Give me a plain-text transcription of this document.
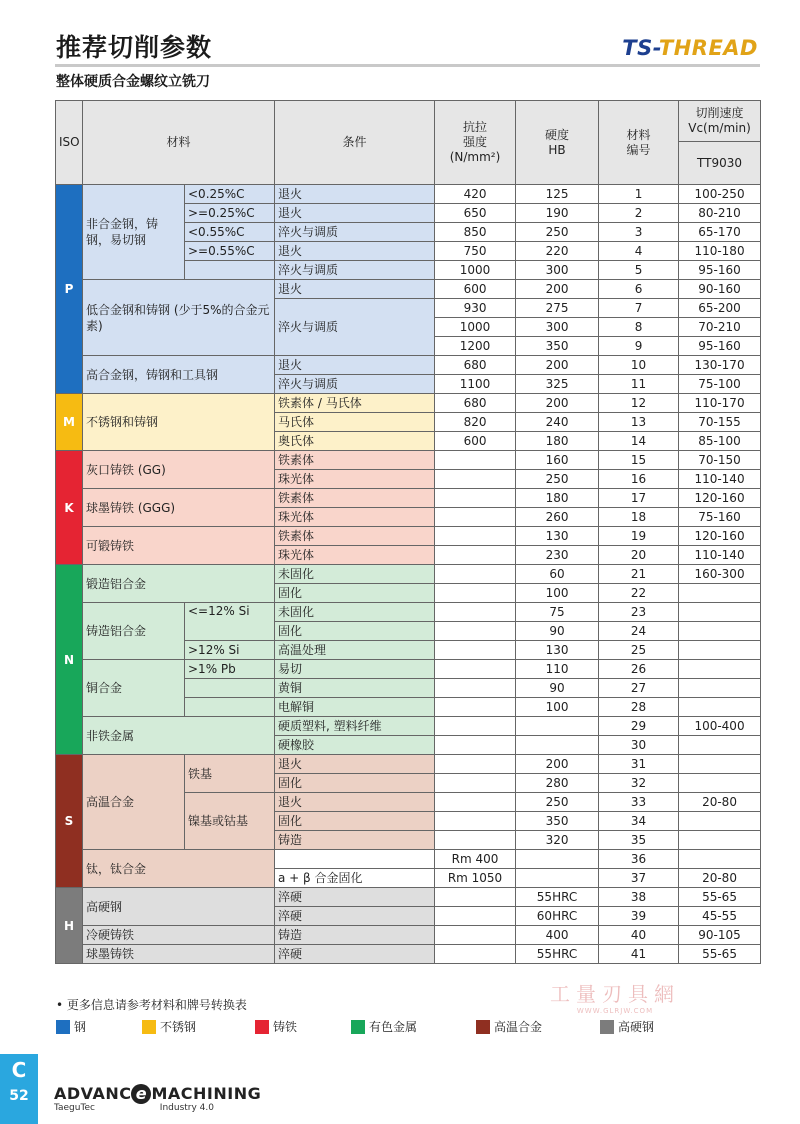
推荐切削参数	TS-THREAD
整体硬质合金螺纹立铣刀
ISO	材料		条件	抗拉
强度
(N/mm²)	硬度
HB	材料
编号	切削速度
Vc(m/min)
							TT9030
P	非合金钢，铸钢，易切钢	<0.25%C	退火	420	125	1	100-250
		>=0.25%C	退火	650	190	2	80-210
		<0.55%C	淬火与调质	850	250	3	65-170
		>=0.55%C	退火	750	220	4	110-180
			淬火与调质	1000	300	5	95-160
	低合金钢和铸钢 (少于5%的合金元素)		退火	600	200	6	90-160
			淬火与调质	930	275	7	65-200
				1000	300	8	70-210
				1200	350	9	95-160
	高合金钢，铸钢和工具钢		退火	680	200	10	130-170
			淬火与调质	1100	325	11	75-100
M	不锈钢和铸钢		铁素体 / 马氏体	680	200	12	110-170
			马氏体	820	240	13	70-155
			奥氏体	600	180	14	85-100
K	灰口铸铁 (GG)		铁素体		160	15	70-150
			珠光体		250	16	110-140
	球墨铸铁 (GGG)		铁素体		180	17	120-160
			珠光体		260	18	75-160
	可锻铸铁		铁素体		130	19	120-160
			珠光体		230	20	110-140
N	锻造铝合金		未固化		60	21	160-300
			固化		100	22	
	铸造铝合金	<=12% Si	未固化		75	23	
			固化		90	24	
		>12% Si	高温处理		130	25	
	铜合金	>1% Pb	易切		110	26	
			黄铜		90	27	
			电解铜		100	28	
	非铁金属		硬质塑料, 塑料纤维			29	100-400
			硬橡胶			30	
S	高温合金	铁基	退火		200	31	
			固化		280	32	
		镍基或钴基	退火		250	33	20-80
			固化		350	34	
			铸造		320	35	
	钛，钛合金			Rm 400		36	
			a + β 合金固化	Rm 1050		37	20-80
H	高硬钢		淬硬		55HRC	38	55-65
			淬硬		60HRC	39	45-55
	冷硬铸铁		铸造		400	40	90-105
	球墨铸铁		淬硬		55HRC	41	55-65
工量刃具網
WWW.GLRJW.COM
• 更多信息请参考材料和牌号转换表
钢	不锈钢	铸铁	有色金属	高温合金	高硬钢
C
52	ADVANC e MACHINING
TaeguTec	Industry 4.0
